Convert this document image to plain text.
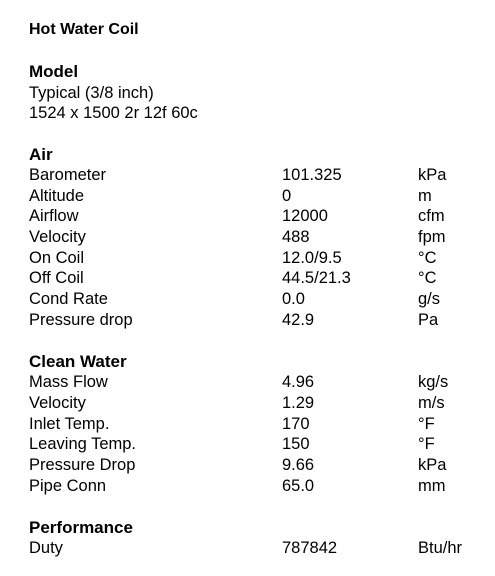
Hot Water Coil
Model
Typical (3/8 inch)
1524 x 1500 2r 12f 60c
Air
Barometer	101.325	kPa
Altitude	0	m
Airflow	12000	cfm
Velocity	488	fpm
On Coil	12.0/9.5	°C
Off Coil	44.5/21.3	°C
Cond Rate	0.0	g/s
Pressure drop	42.9	Pa
Clean Water
Mass Flow	4.96	kg/s
Velocity	1.29	m/s
Inlet Temp.	170	°F
Leaving Temp.	150	°F
Pressure Drop	9.66	kPa
Pipe Conn	65.0	mm
Performance
Duty	787842	Btu/hr
